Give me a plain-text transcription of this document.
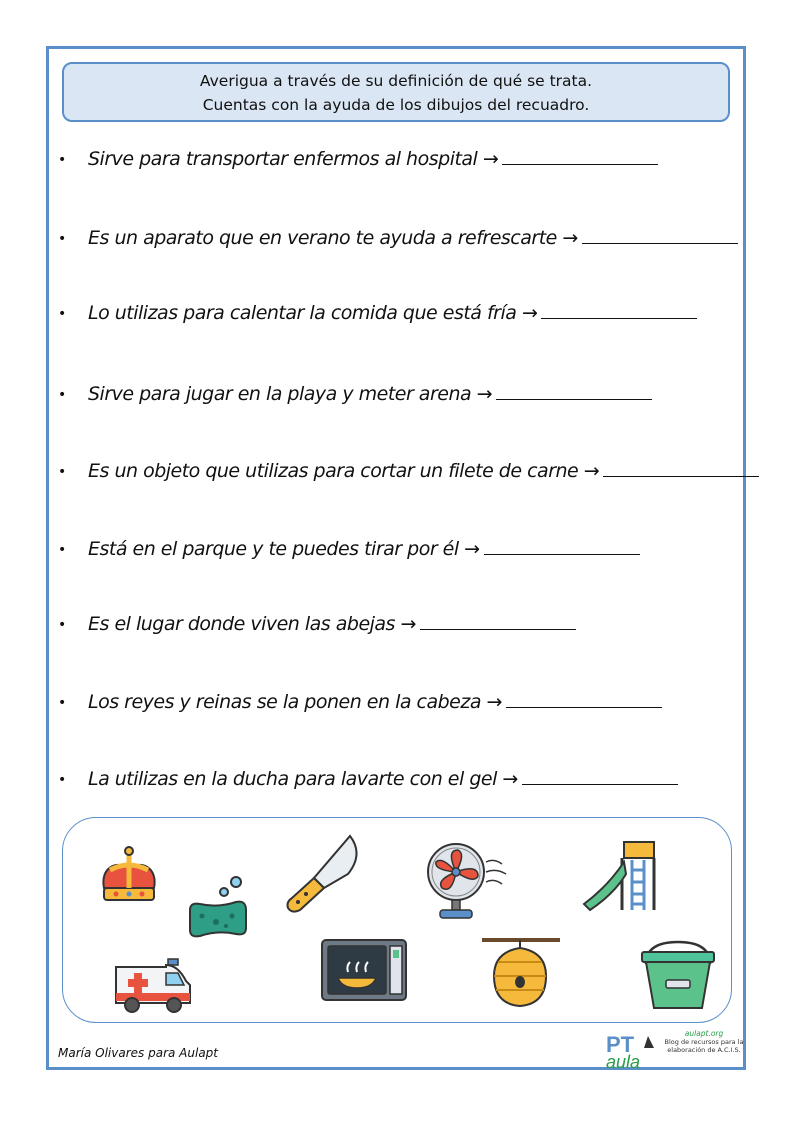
Averigua a través de su definición de qué se trata.
Cuentas con la ayuda de los dibujos del recuadro.
• Sirve para transportar enfermos al hospital →
• Es un aparato que en verano te ayuda a refrescarte →
• Lo utilizas para calentar la comida que está fría →
• Sirve para jugar en la playa y meter arena →
• Es un objeto que utilizas para cortar un filete de carne →
• Está en el parque y te puedes tirar por él →
• Es el lugar donde viven las abejas →
• Los reyes y reinas se la ponen en la cabeza →
• La utilizas en la ducha para lavarte con el gel →
María Olivares para Aulapt	PT
aula
aulapt.org
Blog de recursos para la elaboración de A.C.I.S.
